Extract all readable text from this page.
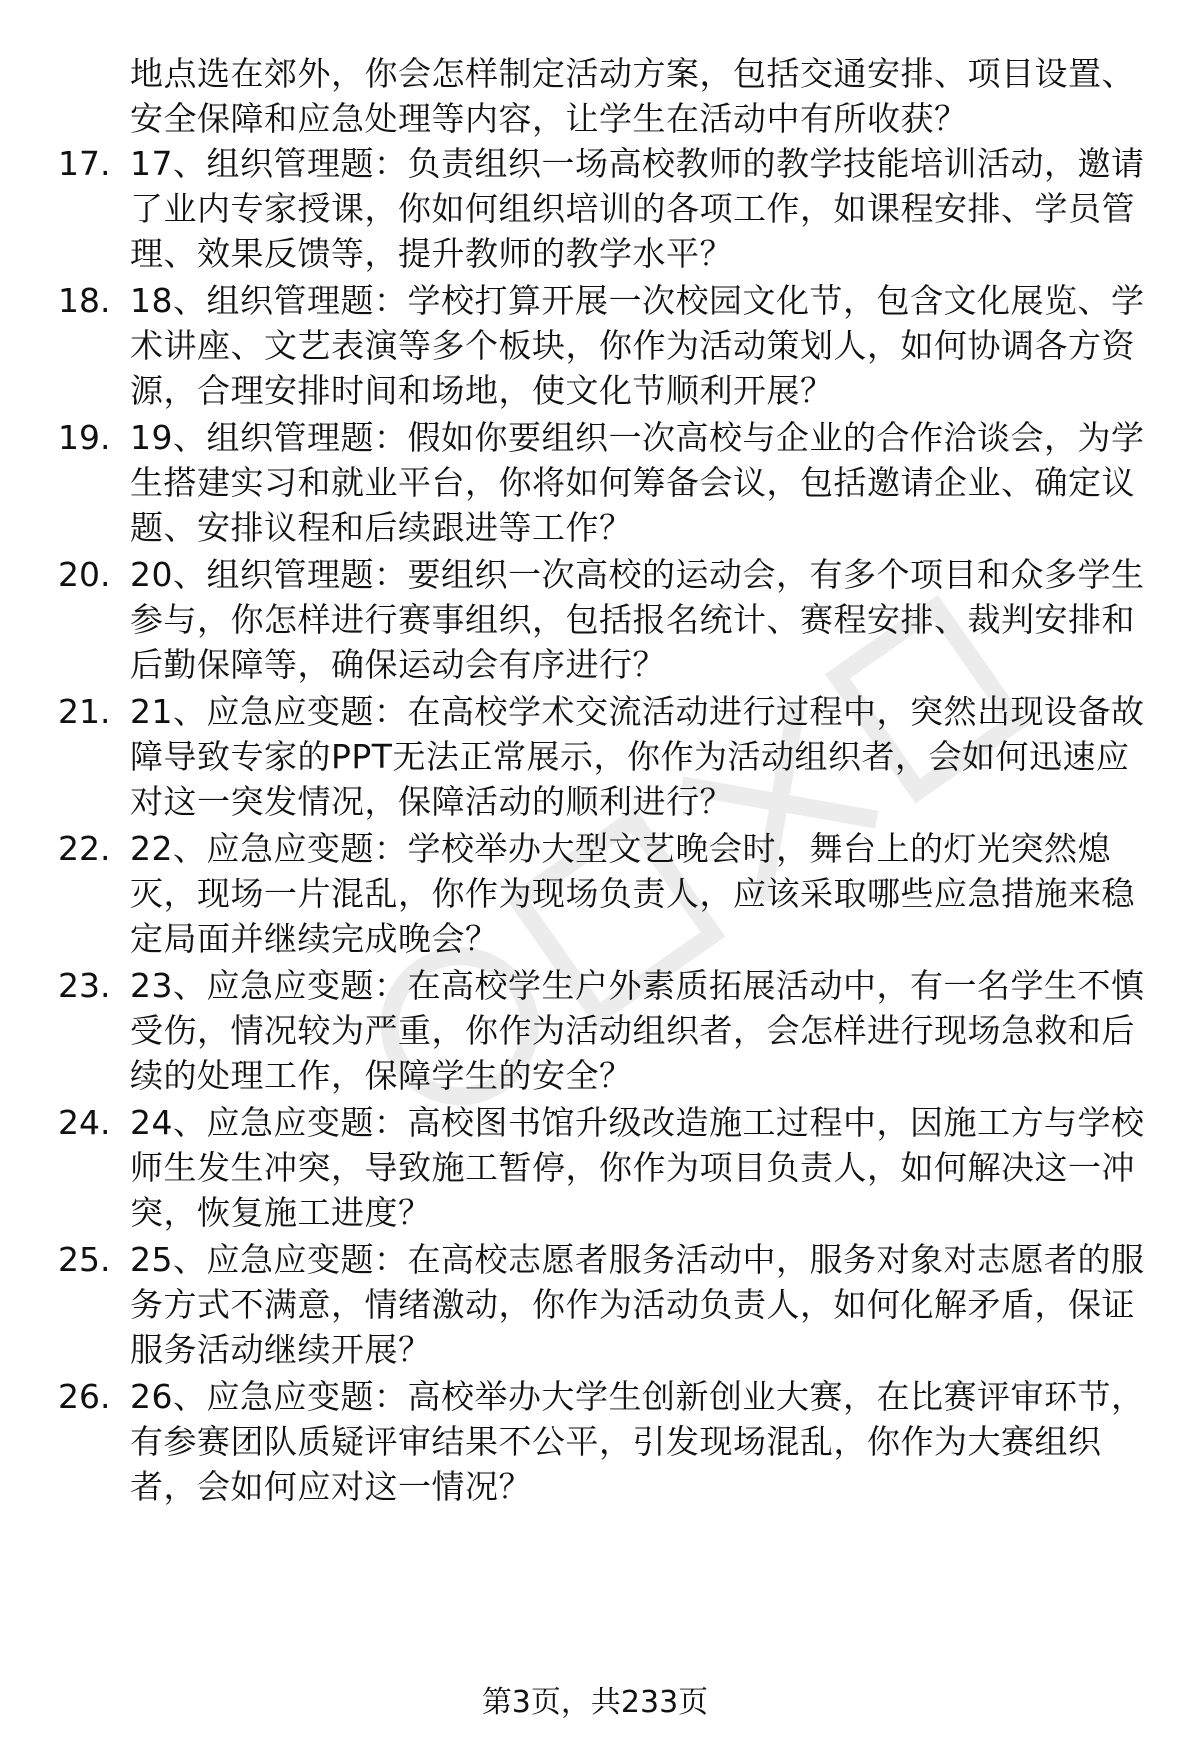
地点选在郊外，你会怎样制定活动方案，包括交通安排、项目设置、安全保障和应急处理等内容，让学生在活动中有所收获？
17. 17、组织管理题：负责组织一场高校教师的教学技能培训活动，邀请了业内专家授课，你如何组织培训的各项工作，如课程安排、学员管理、效果反馈等，提升教师的教学水平？
18. 18、组织管理题：学校打算开展一次校园文化节，包含文化展览、学术讲座、文艺表演等多个板块，你作为活动策划人，如何协调各方资源，合理安排时间和场地，使文化节顺利开展？
19. 19、组织管理题：假如你要组织一次高校与企业的合作洽谈会，为学生搭建实习和就业平台，你将如何筹备会议，包括邀请企业、确定议题、安排议程和后续跟进等工作？
20. 20、组织管理题：要组织一次高校的运动会，有多个项目和众多学生参与，你怎样进行赛事组织，包括报名统计、赛程安排、裁判安排和后勤保障等，确保运动会有序进行？
21. 21、应急应变题：在高校学术交流活动进行过程中，突然出现设备故障导致专家的PPT无法正常展示，你作为活动组织者，会如何迅速应对这一突发情况，保障活动的顺利进行？
22. 22、应急应变题：学校举办大型文艺晚会时，舞台上的灯光突然熄灭，现场一片混乱，你作为现场负责人，应该采取哪些应急措施来稳定局面并继续完成晚会？
23. 23、应急应变题：在高校学生户外素质拓展活动中，有一名学生不慎受伤，情况较为严重，你作为活动组织者，会怎样进行现场急救和后续的处理工作，保障学生的安全？
24. 24、应急应变题：高校图书馆升级改造施工过程中，因施工方与学校师生发生冲突，导致施工暂停，你作为项目负责人，如何解决这一冲突，恢复施工进度？
25. 25、应急应变题：在高校志愿者服务活动中，服务对象对志愿者的服务方式不满意，情绪激动，你作为活动负责人，如何化解矛盾，保证服务活动继续开展？
26. 26、应急应变题：高校举办大学生创新创业大赛，在比赛评审环节，有参赛团队质疑评审结果不公平，引发现场混乱，你作为大赛组织者，会如何应对这一情况？
第3页，共233页
